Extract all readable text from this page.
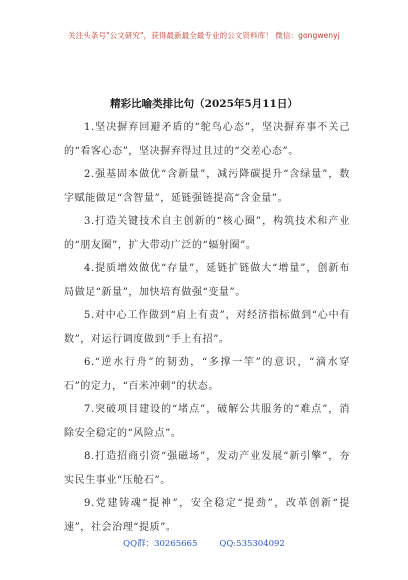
关注头条号"公文研究"，获得最新最全最专业的公文资料库！ 微信：gongwenyj
精彩比喻类排比句（2025年5月11日）

1.坚决摒弃回避矛盾的“鸵鸟心态”，坚决摒弃事不关己的“看客心态”，坚决摒弃得过且过的“交差心态”。

2.强基固本做优“含新量”，减污降碳提升“含绿量”，数字赋能做足“含智量”，延链强链提高“含金量”。

3.打造关键技术自主创新的“核心圈”，构筑技术和产业的“朋友圈”，扩大带动广泛的“辐射圈”。

4.提质增效做优“存量”，延链扩链做大“增量”，创新布局做足“新量”，加快培育做强“变量”。

5.对中心工作做到“肩上有责”，对经济指标做到“心中有数”，对运行调度做到“手上有招”。

6.“逆水行舟”的韧劲，“多撑一竿”的意识，“滴水穿石”的定力，“百米冲刺”的状态。

7.突破项目建设的“堵点”，破解公共服务的“难点”，消除安全稳定的“风险点”。

8.打造招商引资“强磁场”，发动产业发展“新引擎”，夯实民生事业“压舱石”。

9.党建铸魂“提神”，安全稳定“提劲”，改革创新“提速”，社会治理“提质”。

QQ群：30265665	QQ:535304092
